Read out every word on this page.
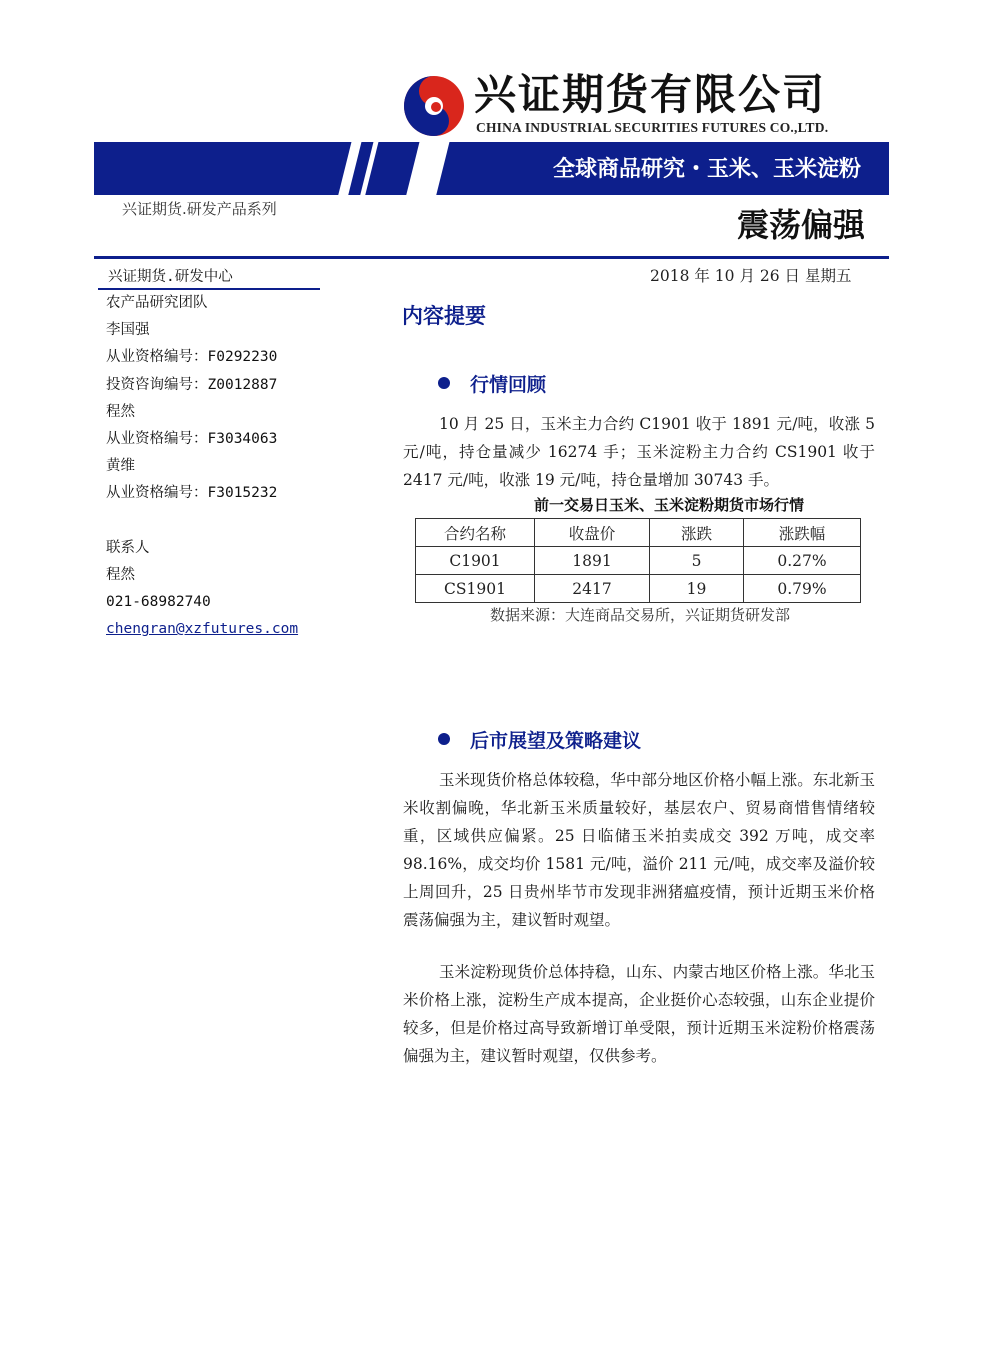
兴证期货有限公司
CHINA INDUSTRIAL SECURITIES FUTURES CO.,LTD.
全球商品研究・玉米、玉米淀粉
兴证期货.研发产品系列	震荡偏强
兴证期货.研发中心
农产品研究团队
李国强
从业资格编号：F0292230
投资咨询编号：Z0012887
程然
从业资格编号：F3034063
黄维
从业资格编号：F3015232
联系人
程然
021-68982740
chengran@xzfutures.com
2018 年 10 月 26 日 星期五
内容提要
行情回顾
10 月 25 日，玉米主力合约 C1901 收于 1891 元/吨，收涨 5 元/吨，持仓量减少 16274 手；玉米淀粉主力合约 CS1901 收于 2417 元/吨，收涨 19 元/吨，持仓量增加 30743 手。
前一交易日玉米、玉米淀粉期货市场行情
合约名称	收盘价	涨跌	涨跌幅
C1901	1891	5	0.27%
CS1901	2417	19	0.79%
数据来源：大连商品交易所，兴证期货研发部
后市展望及策略建议
玉米现货价格总体较稳，华中部分地区价格小幅上涨。东北新玉米收割偏晚，华北新玉米质量较好，基层农户、贸易商惜售情绪较重，区域供应偏紧。25 日临储玉米拍卖成交 392 万吨，成交率 98.16%，成交均价 1581 元/吨，溢价 211 元/吨，成交率及溢价较上周回升，25 日贵州毕节市发现非洲猪瘟疫情，预计近期玉米价格震荡偏强为主，建议暂时观望。
玉米淀粉现货价总体持稳，山东、内蒙古地区价格上涨。华北玉米价格上涨，淀粉生产成本提高，企业挺价心态较强，山东企业提价较多，但是价格过高导致新增订单受限，预计近期玉米淀粉价格震荡偏强为主，建议暂时观望，仅供参考。
